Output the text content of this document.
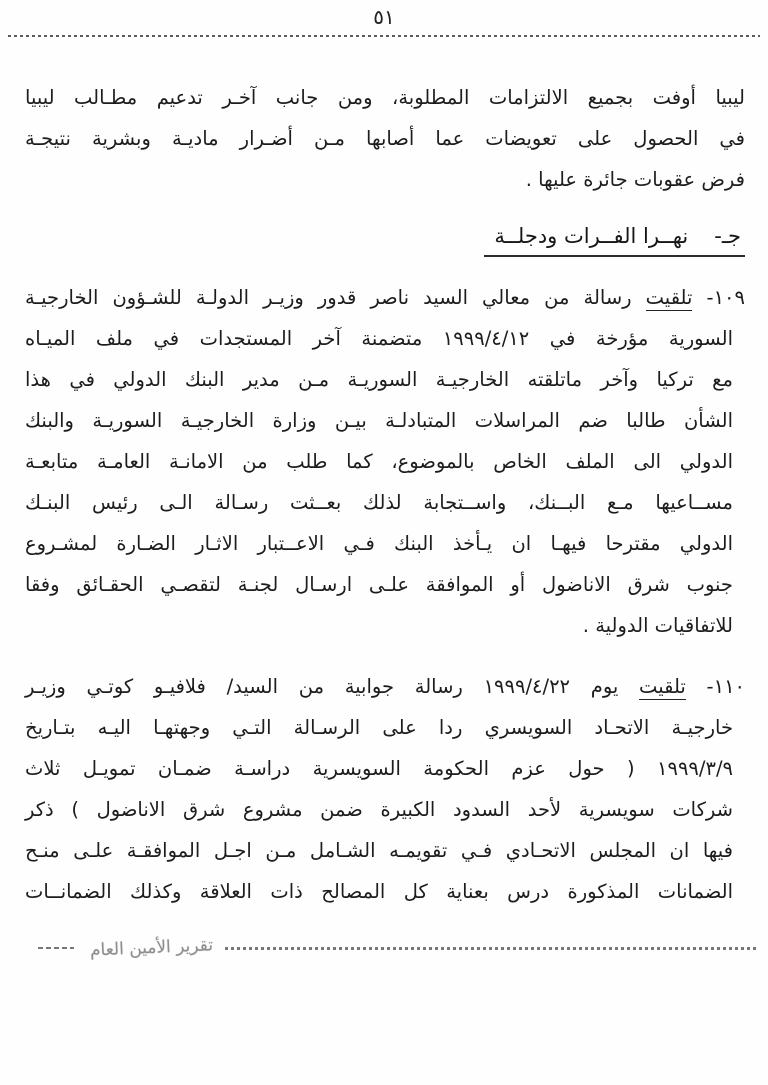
٥١
ليبيا أوفت بجميع الالتزامات المطلوبة، ومن جانب آخـر تدعيم مطـالب ليبيا
في الحصول على تعويضات عما أصابها مـن أضـرار ماديـة وبشرية نتيجـة
فرض عقوبات جائرة عليها .
جـ-
نهــرا الفــرات ودجلــة
١٠٩- تلقيت رسالة من معالي السيد ناصر قدور وزيـر الدولـة للشـؤون الخارجيـة
السورية مؤرخة في ١٩٩٩/٤/١٢ متضمنة آخر المستجدات في ملف الميـاه
مع تركيا وآخر ماتلقته الخارجيـة السوريـة مـن مدير البنك الدولي في هذا
الشأن طالبا ضم المراسلات المتبادلـة بيـن وزارة الخارجيـة السوريـة والبنك
الدولي الى الملف الخاص بالموضوع، كما طلب من الامانـة العامـة متابعـة
مســاعيها مـع البــنك، واســتجابة لذلك بعــثت رسـالة الـى رئيس البنـك
الدولي مقترحا فيهـا ان يـأخذ البنك فـي الاعــتبار الاثـار الضـارة لمشـروع
جنوب شرق الاناضول أو الموافقة علـى ارسـال لجنـة لتقصـي الحقـائق وفقا
للاتفاقيات الدولية .
١١٠- تلقيت يوم ١٩٩٩/٤/٢٢ رسالة جوابية من السيد/ فلافيـو كوتـي وزيـر
خارجيـة الاتحـاد السويسري ردا على الرسـالة التـي وجهتهـا اليـه بتـاريخ
١٩٩٩/٣/٩ ( حول عزم الحكومة السويسرية دراسـة ضمـان تمويـل ثلاث
شركات سويسرية لأحد السدود الكبيرة ضمن مشروع شرق الاناضول ) ذكر
فيها ان المجلس الاتحـادي فـي تقويمـه الشـامل مـن اجـل الموافقـة علـى منـح
الضمانات المذكورة درس بعناية كل المصالح ذات العلاقة وكذلك الضمانــات
تقرير الأمين العام
